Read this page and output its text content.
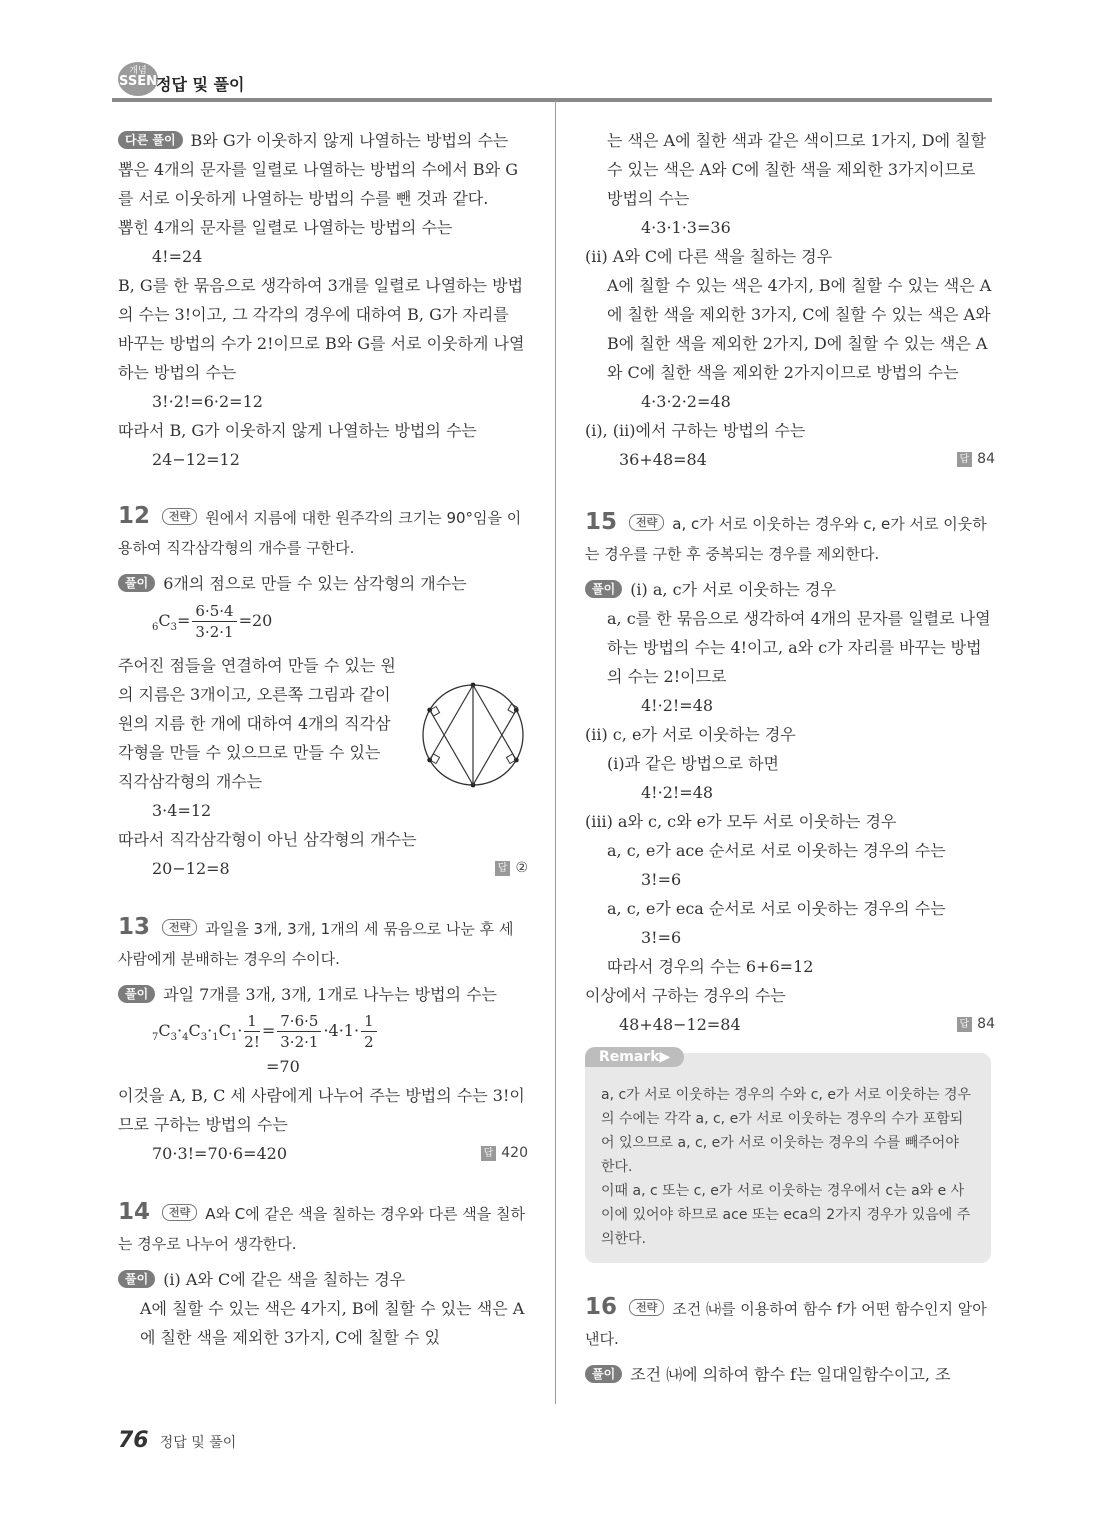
개념
SSEN 정답 및 풀이

다른 풀이 B와 G가 이웃하지 않게 나열하는 방법의 수는 뽑은 4개의 문자를 일렬로 나열하는 방법의 수에서 B와 G를 서로 이웃하게 나열하는 방법의 수를 뺀 것과 같다.

뽑힌 4개의 문자를 일렬로 나열하는 방법의 수는

4!=24

B, G를 한 묶음으로 생각하여 3개를 일렬로 나열하는 방법의 수는 3!이고, 그 각각의 경우에 대하여 B, G가 자리를 바꾸는 방법의 수가 2!이므로 B와 G를 서로 이웃하게 나열하는 방법의 수는

3!·2!=6·2=12

따라서 B, G가 이웃하지 않게 나열하는 방법의 수는

24−12=12

12 전략 원에서 지름에 대한 원주각의 크기는 90°임을 이용하여 직각삼각형의 개수를 구한다.

풀이 6개의 점으로 만들 수 있는 삼각형의 개수는

$_6C_3= \frac{6\cdot 5\cdot 4}{3\cdot 2\cdot 1} =20$

주어진 점들을 연결하여 만들 수 있는 원의 지름은 3개이고, 오른쪽 그림과 같이 원의 지름 한 개에 대하여 4개의 직각삼각형을 만들 수 있으므로 만들 수 있는 직각삼각형의 개수는

3·4=12

따라서 직각삼각형이 아닌 삼각형의 개수는

20−12=8	답 ②

13 전략 과일을 3개, 3개, 1개의 세 묶음으로 나눈 후 세 사람에게 분배하는 경우의 수이다.

풀이 과일 7개를 3개, 3개, 1개로 나누는 방법의 수는

$_7C_3\cdot_4C_3\cdot_1C_1\cdot \frac{1}{2!} = \frac{7\cdot 6\cdot 5}{3\cdot 2\cdot 1} \cdot 4\cdot 1\cdot \frac{1}{2}$

=70

이것을 A, B, C 세 사람에게 나누어 주는 방법의 수는 3!이므로 구하는 방법의 수는

70·3!=70·6=420	답 420

14 전략 A와 C에 같은 색을 칠하는 경우와 다른 색을 칠하는 경우로 나누어 생각한다.

풀이 (ⅰ) A와 C에 같은 색을 칠하는 경우

A에 칠할 수 있는 색은 4가지, B에 칠할 수 있는 색은 A에 칠한 색을 제외한 3가지, C에 칠할 수 있

는 색은 A에 칠한 색과 같은 색이므로 1가지, D에 칠할 수 있는 색은 A와 C에 칠한 색을 제외한 3가지이므로 방법의 수는

4·3·1·3=36

(ⅱ) A와 C에 다른 색을 칠하는 경우

A에 칠할 수 있는 색은 4가지, B에 칠할 수 있는 색은 A에 칠한 색을 제외한 3가지, C에 칠할 수 있는 색은 A와 B에 칠한 색을 제외한 2가지, D에 칠할 수 있는 색은 A와 C에 칠한 색을 제외한 2가지이므로 방법의 수는

4·3·2·2=48

(ⅰ), (ⅱ)에서 구하는 방법의 수는

36+48=84	답 84

15 전략 a, c가 서로 이웃하는 경우와 c, e가 서로 이웃하는 경우를 구한 후 중복되는 경우를 제외한다.

풀이 (ⅰ) a, c가 서로 이웃하는 경우

a, c를 한 묶음으로 생각하여 4개의 문자를 일렬로 나열하는 방법의 수는 4!이고, a와 c가 자리를 바꾸는 방법의 수는 2!이므로

4!·2!=48

(ⅱ) c, e가 서로 이웃하는 경우

(ⅰ)과 같은 방법으로 하면

4!·2!=48

(ⅲ) a와 c, c와 e가 모두 서로 이웃하는 경우

a, c, e가 ace 순서로 서로 이웃하는 경우의 수는

3!=6

a, c, e가 eca 순서로 서로 이웃하는 경우의 수는

3!=6

따라서 경우의 수는 6+6=12

이상에서 구하는 경우의 수는

48+48−12=84	답 84

Remark▶

a, c가 서로 이웃하는 경우의 수와 c, e가 서로 이웃하는 경우의 수에는 각각 a, c, e가 서로 이웃하는 경우의 수가 포함되어 있으므로 a, c, e가 서로 이웃하는 경우의 수를 빼주어야 한다.

이때 a, c 또는 c, e가 서로 이웃하는 경우에서 c는 a와 e 사이에 있어야 하므로 ace 또는 eca의 2가지 경우가 있음에 주의한다.

16 전략 조건 ㈏를 이용하여 함수 f가 어떤 함수인지 알아낸다.

풀이 조건 ㈏에 의하여 함수 f는 일대일함수이고, 조

76 정답 및 풀이
